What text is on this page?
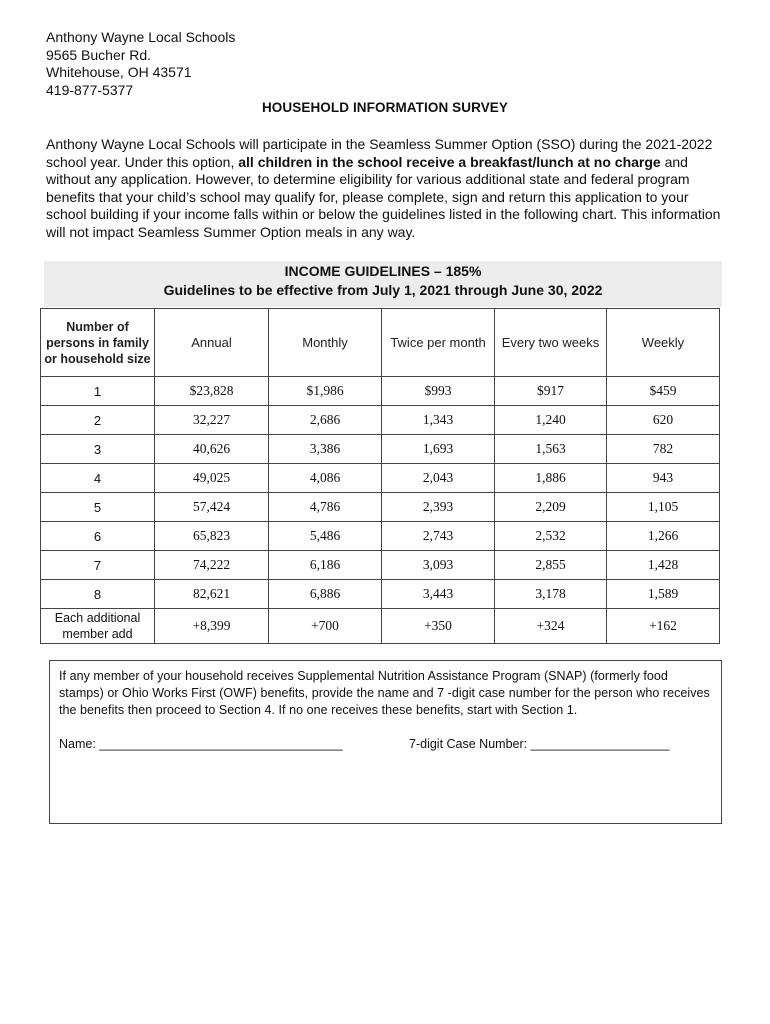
Anthony Wayne Local Schools
9565 Bucher Rd.
Whitehouse, OH 43571
419-877-5377
HOUSEHOLD INFORMATION SURVEY
Anthony Wayne Local Schools will participate in the Seamless Summer Option (SSO) during the 2021-2022 school year. Under this option, all children in the school receive a breakfast/lunch at no charge and without any application. However, to determine eligibility for various additional state and federal program benefits that your child’s school may qualify for, please complete, sign and return this application to your school building if your income falls within or below the guidelines listed in the following chart. This information will not impact Seamless Summer Option meals in any way.
INCOME GUIDELINES – 185%
Guidelines to be effective from July 1, 2021 through June 30, 2022
Number of persons in family or household size	Annual	Monthly	Twice per month	Every two weeks	Weekly
1	$23,828	$1,986	$993	$917	$459
2	32,227	2,686	1,343	1,240	620
3	40,626	3,386	1,693	1,563	782
4	49,025	4,086	2,043	1,886	943
5	57,424	4,786	2,393	2,209	1,105
6	65,823	5,486	2,743	2,532	1,266
7	74,222	6,186	3,093	2,855	1,428
8	82,621	6,886	3,443	3,178	1,589
Each additional member add	+8,399	+700	+350	+324	+162
If any member of your household receives Supplemental Nutrition Assistance Program (SNAP) (formerly food stamps) or Ohio Works First (OWF) benefits, provide the name and 7 -digit case number for the person who receives the benefits then proceed to Section 4. If no one receives these benefits, start with Section 1.
Name: ___________________________________	7-digit Case Number: ____________________
